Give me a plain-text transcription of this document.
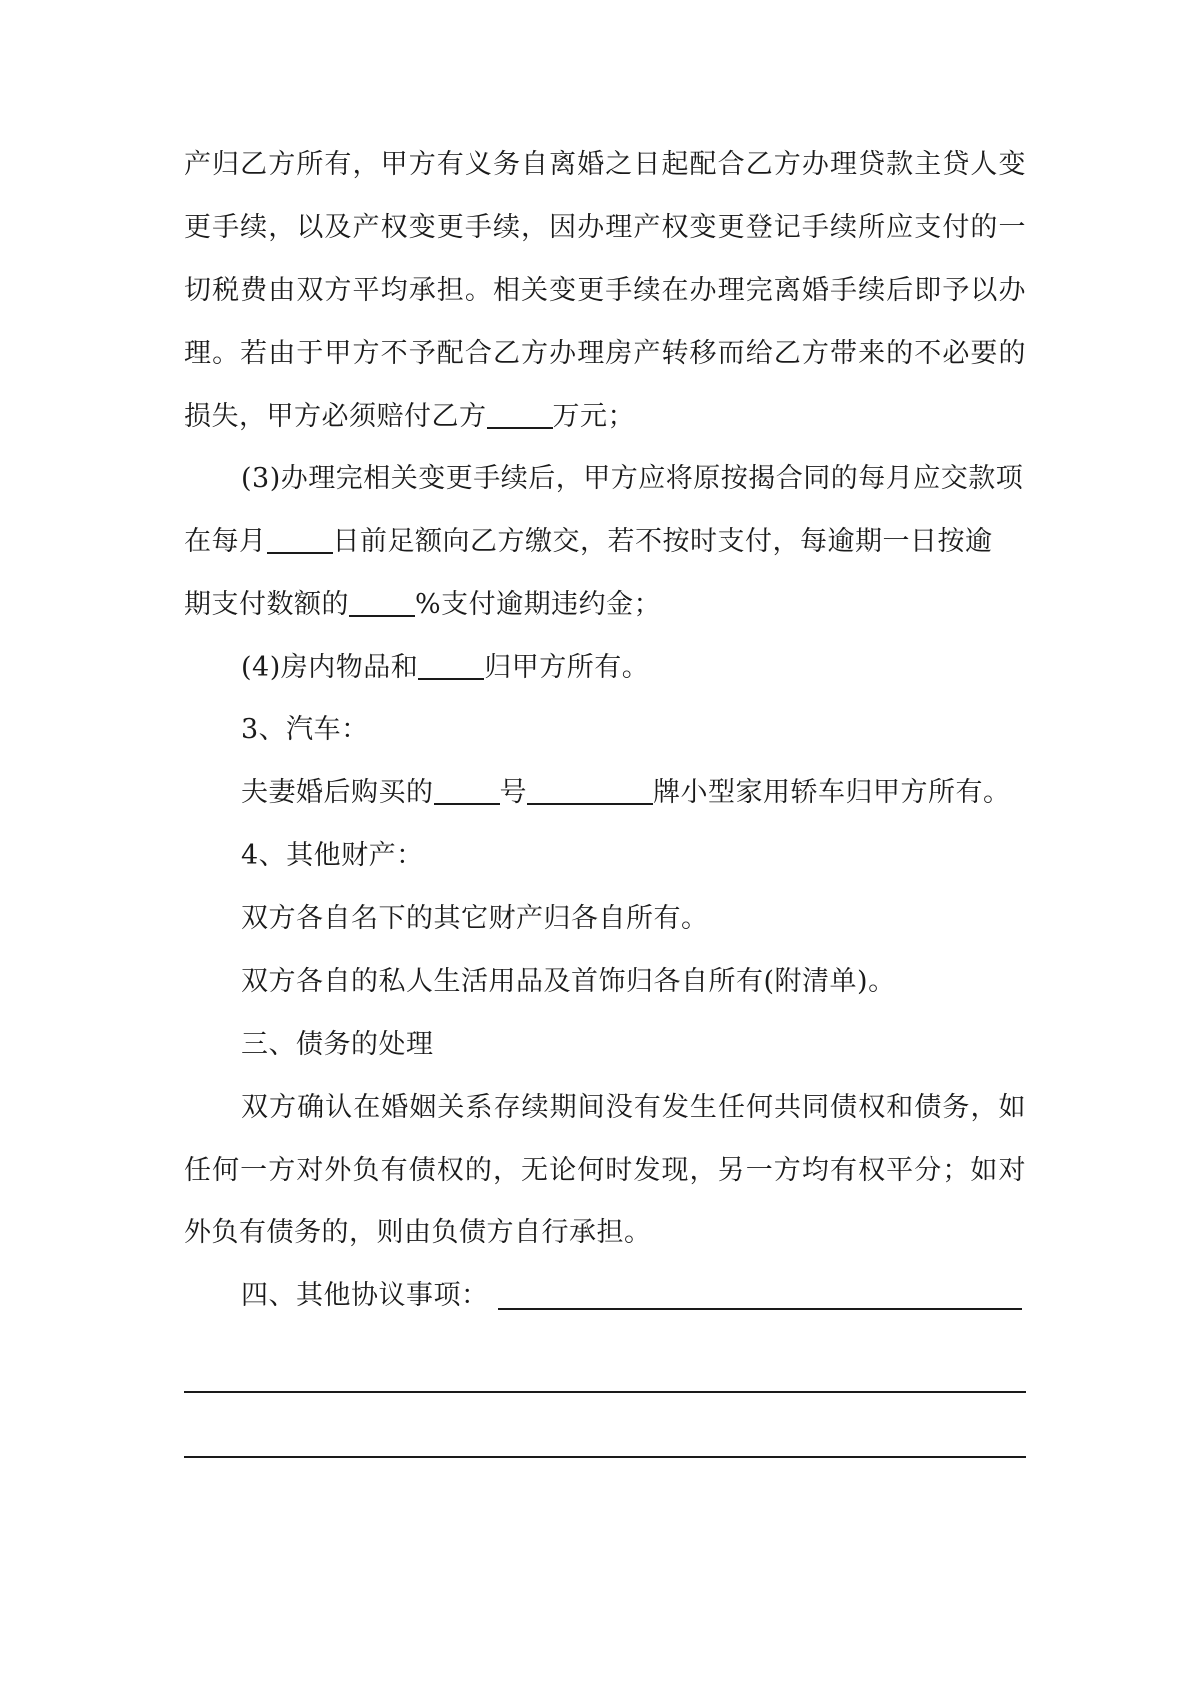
产归乙方所有，甲方有义务自离婚之日起配合乙方办理贷款主贷人变
更手续，以及产权变更手续，因办理产权变更登记手续所应支付的一
切税费由双方平均承担。相关变更手续在办理完离婚手续后即予以办
理。若由于甲方不予配合乙方办理房产转移而给乙方带来的不必要的
损失，甲方必须赔付乙方 万元；
(3)办理完相关变更手续后，甲方应将原按揭合同的每月应交款项
在每月 日前足额向乙方缴交，若不按时支付，每逾期一日按逾
期支付数额的 %支付逾期违约金；
(4)房内物品和 归甲方所有。
3、汽车：
夫妻婚后购买的 号	牌小型家用轿车归甲方所有。
4、其他财产：
双方各自名下的其它财产归各自所有。
双方各自的私人生活用品及首饰归各自所有(附清单)。
三、债务的处理
双方确认在婚姻关系存续期间没有发生任何共同债权和债务，如
任何一方对外负有债权的，无论何时发现，另一方均有权平分；如对
外负有债务的，则由负债方自行承担。
四、其他协议事项：
